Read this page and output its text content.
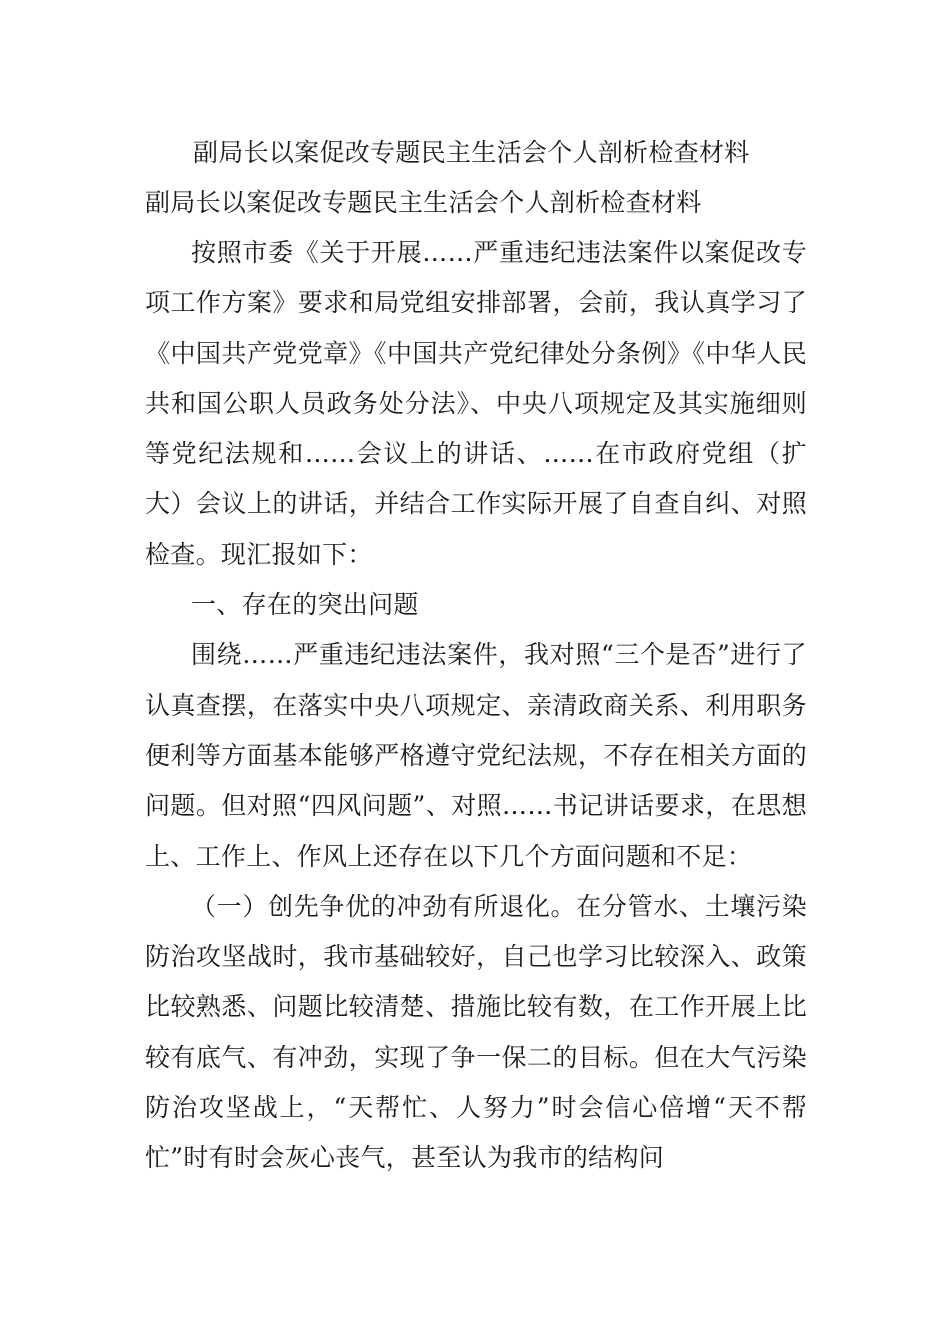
副局长以案促改专题民主生活会个人剖析检查材料
副局长以案促改专题民主生活会个人剖析检查材料

按照市委《关于开展……严重违纪违法案件以案促改专项工作方案》要求和局党组安排部署，会前，我认真学习了《中国共产党党章》《中国共产党纪律处分条例》《中华人民共和国公职人员政务处分法》、中央八项规定及其实施细则等党纪法规和……会议上的讲话、……在市政府党组（扩大）会议上的讲话，并结合工作实际开展了自查自纠、对照检查。现汇报如下：

一、存在的突出问题

围绕……严重违纪违法案件，我对照“三个是否”进行了认真查摆，在落实中央八项规定、亲清政商关系、利用职务便利等方面基本能够严格遵守党纪法规，不存在相关方面的问题。但对照“四风问题”、对照……书记讲话要求，在思想上、工作上、作风上还存在以下几个方面问题和不足：

（一）创先争优的冲劲有所退化。在分管水、土壤污染防治攻坚战时，我市基础较好，自己也学习比较深入、政策比较熟悉、问题比较清楚、措施比较有数，在工作开展上比较有底气、有冲劲，实现了争一保二的目标。但在大气污染防治攻坚战上，“天帮忙、人努力”时会信心倍增“天不帮忙”时有时会灰心丧气，甚至认为我市的结构问
